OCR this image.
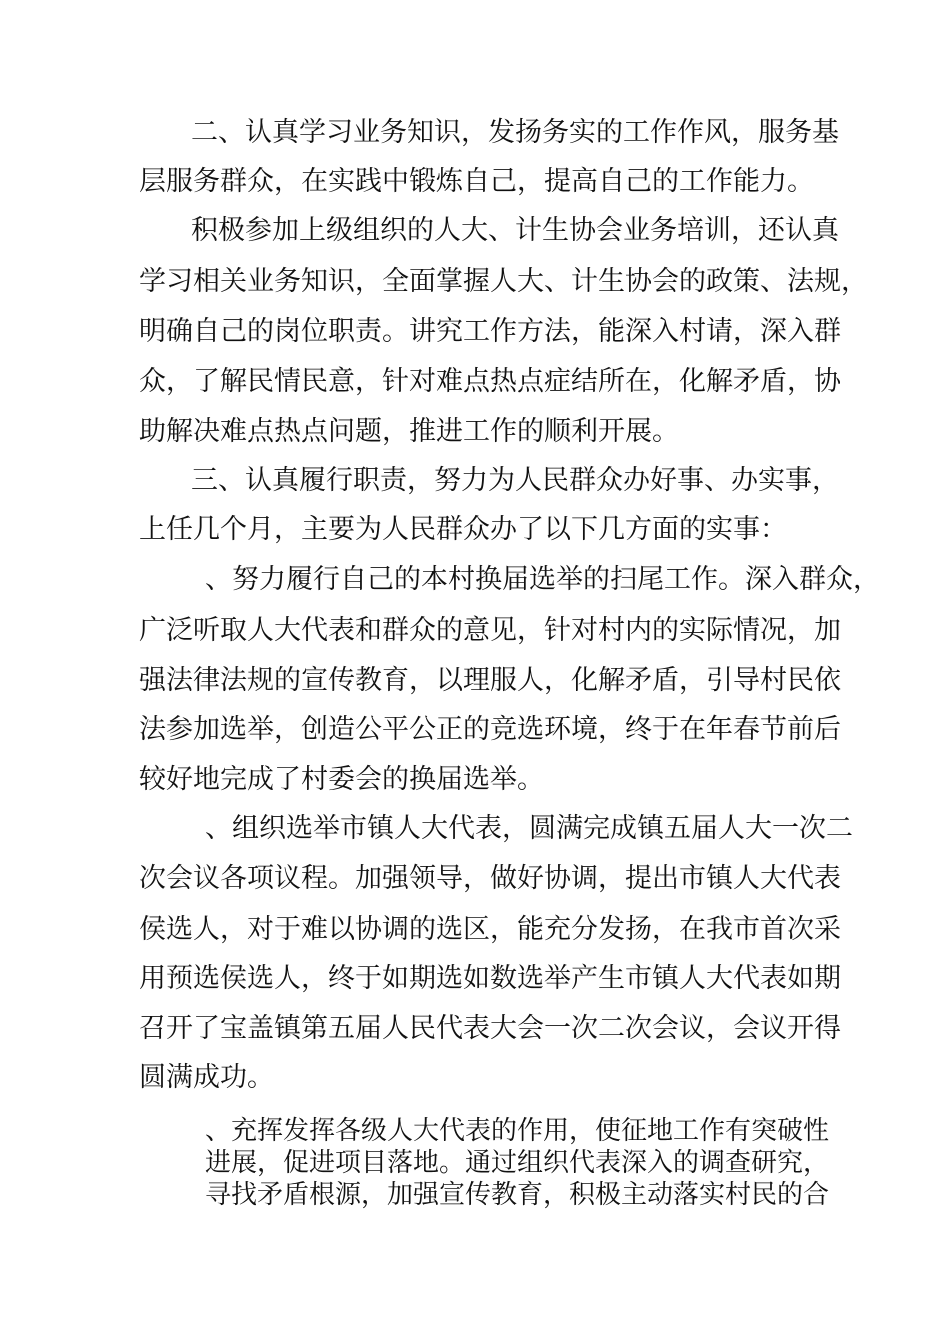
二、认真学习业务知识，发扬务实的工作作风，服务基
层服务群众，在实践中锻炼自己，提高自己的工作能力。
积极参加上级组织的人大、计生协会业务培训，还认真
学习相关业务知识，全面掌握人大、计生协会的政策、法规，
明确自己的岗位职责。讲究工作方法，能深入村请，深入群
众，了解民情民意，针对难点热点症结所在，化解矛盾，协
助解决难点热点问题，推进工作的顺利开展。
三、认真履行职责，努力为人民群众办好事、办实事，
上任几个月，主要为人民群众办了以下几方面的实事：
、努力履行自己的本村换届选举的扫尾工作。深入群众，
广泛听取人大代表和群众的意见，针对村内的实际情况，加
强法律法规的宣传教育，以理服人，化解矛盾，引导村民依
法参加选举，创造公平公正的竞选环境，终于在年春节前后
较好地完成了村委会的换届选举。
、组织选举市镇人大代表，圆满完成镇五届人大一次二
次会议各项议程。加强领导，做好协调，提出市镇人大代表
侯选人，对于难以协调的选区，能充分发扬，在我市首次采
用预选侯选人，终于如期选如数选举产生市镇人大代表如期
召开了宝盖镇第五届人民代表大会一次二次会议，会议开得
圆满成功。
、充挥发挥各级人大代表的作用，使征地工作有突破性
进展，促进项目落地。通过组织代表深入的调查研究，
寻找矛盾根源，加强宣传教育，积极主动落实村民的合
